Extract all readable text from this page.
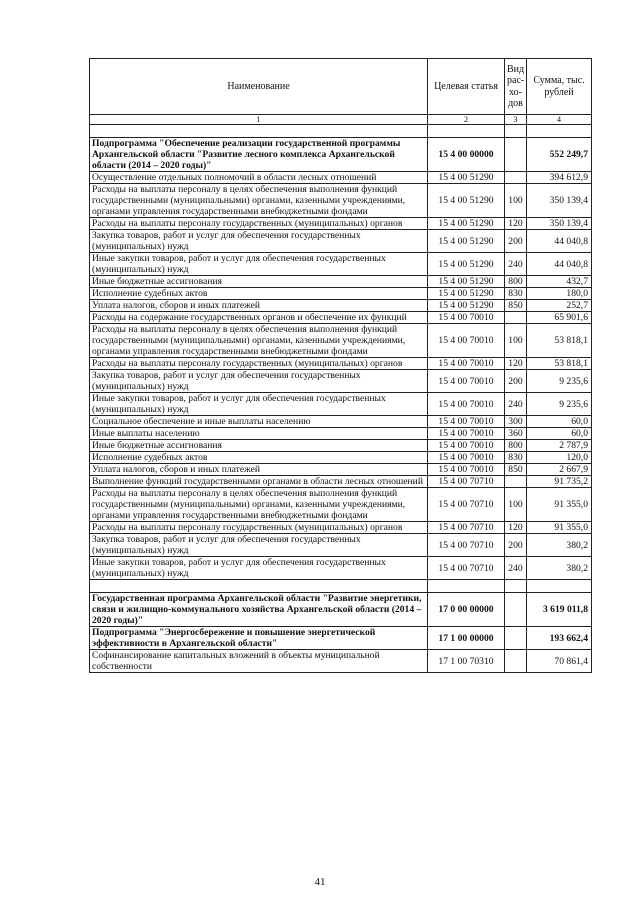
Наименование	Целевая статья	Вид рас-хо-дов	Сумма, тыс. рублей
1	2	3	4

Подпрограмма "Обеспечение реализации государственной программы Архангельской области "Развитие лесного комплекса Архангельской области (2014 – 2020 годы)"	15 4 00 00000		552 249,7
Осуществление отдельных полномочий в области лесных отношений	15 4 00 51290		394 612,9
Расходы на выплаты персоналу в целях обеспечения выполнения функций государственными (муниципальными) органами, казенными учреждениями, органами управления государственными внебюджетными фондами	15 4 00 51290	100	350 139,4
Расходы на выплаты персоналу государственных (муниципальных) органов	15 4 00 51290	120	350 139,4
Закупка товаров, работ и услуг для обеспечения государственных (муниципальных) нужд	15 4 00 51290	200	44 040,8
Иные закупки товаров, работ и услуг для обеспечения государственных (муниципальных) нужд	15 4 00 51290	240	44 040,8
Иные бюджетные ассигнования	15 4 00 51290	800	432,7
Исполнение судебных актов	15 4 00 51290	830	180,0
Уплата налогов, сборов и иных платежей	15 4 00 51290	850	252,7
Расходы на содержание государственных органов и обеспечение их функций	15 4 00 70010		65 901,6
Расходы на выплаты персоналу в целях обеспечения выполнения функций государственными (муниципальными) органами, казенными учреждениями, органами управления государственными внебюджетными фондами	15 4 00 70010	100	53 818,1
Расходы на выплаты персоналу государственных (муниципальных) органов	15 4 00 70010	120	53 818,1
Закупка товаров, работ и услуг для обеспечения государственных (муниципальных) нужд	15 4 00 70010	200	9 235,6
Иные закупки товаров, работ и услуг для обеспечения государственных (муниципальных) нужд	15 4 00 70010	240	9 235,6
Социальное обеспечение и иные выплаты населению	15 4 00 70010	300	60,0
Иные выплаты населению	15 4 00 70010	360	60,0
Иные бюджетные ассигнования	15 4 00 70010	800	2 787,9
Исполнение судебных актов	15 4 00 70010	830	120,0
Уплата налогов, сборов и иных платежей	15 4 00 70010	850	2 667,9
Выполнение функций государственными органами в области лесных отношений	15 4 00 70710		91 735,2
Расходы на выплаты персоналу в целях обеспечения выполнения функций государственными (муниципальными) органами, казенными учреждениями, органами управления государственными внебюджетными фондами	15 4 00 70710	100	91 355,0
Расходы на выплаты персоналу государственных (муниципальных) органов	15 4 00 70710	120	91 355,0
Закупка товаров, работ и услуг для обеспечения государственных (муниципальных) нужд	15 4 00 70710	200	380,2
Иные закупки товаров, работ и услуг для обеспечения государственных (муниципальных) нужд	15 4 00 70710	240	380,2

Государственная программа Архангельской области "Развитие энергетики, связи и жилищно-коммунального хозяйства Архангельской области (2014 – 2020 годы)"	17 0 00 00000		3 619 011,8
Подпрограмма "Энергосбережение и повышение энергетической эффективности в Архангельской области"	17 1 00 00000		193 662,4
Софинансирование капитальных вложений в объекты муниципальной собственности	17 1 00 70310		70 861,4
41
